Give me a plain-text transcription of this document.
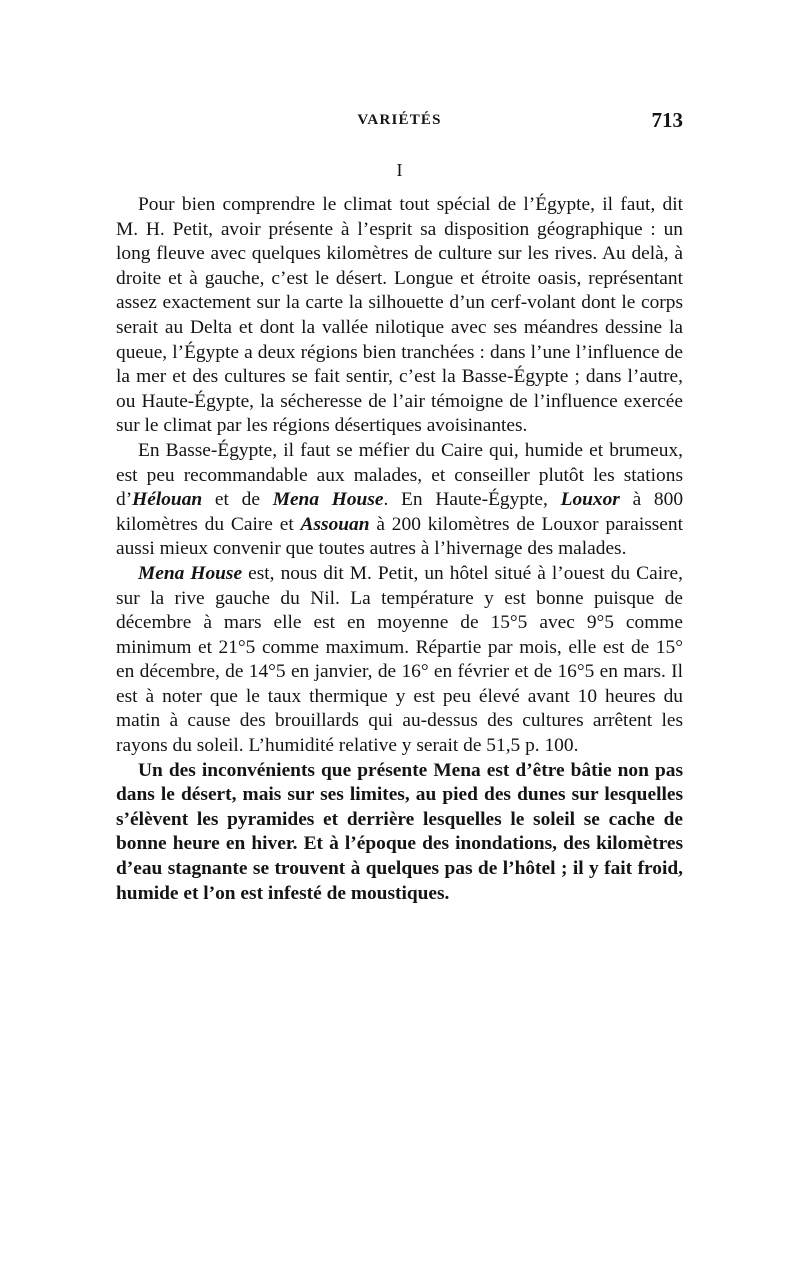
VARIÉTÉS	713
I

Pour bien comprendre le climat tout spécial de l’Égypte, il faut, dit M. H. Petit, avoir présente à l’esprit sa disposition géographique : un long fleuve avec quelques kilomètres de culture sur les rives. Au delà, à droite et à gauche, c’est le désert. Longue et étroite oasis, représentant assez exactement sur la carte la silhouette d’un cerf-volant dont le corps serait au Delta et dont la vallée nilotique avec ses méandres dessine la queue, l’Égypte a deux régions bien tranchées : dans l’une l’influence de la mer et des cultures se fait sentir, c’est la Basse-Égypte ; dans l’autre, ou Haute-Égypte, la sécheresse de l’air témoigne de l’influence exercée sur le climat par les régions désertiques avoisinantes.

En Basse-Égypte, il faut se méfier du Caire qui, humide et brumeux, est peu recommandable aux malades, et conseiller plutôt les stations d’Hélouan et de Mena House. En Haute-Égypte, Louxor à 800 kilomètres du Caire et Assouan à 200 kilomètres de Louxor paraissent aussi mieux convenir que toutes autres à l’hivernage des malades.

Mena House est, nous dit M. Petit, un hôtel situé à l’ouest du Caire, sur la rive gauche du Nil. La température y est bonne puisque de décembre à mars elle est en moyenne de 15°5 avec 9°5 comme minimum et 21°5 comme maximum. Répartie par mois, elle est de 15° en décembre, de 14°5 en janvier, de 16° en février et de 16°5 en mars. Il est à noter que le taux thermique y est peu élevé avant 10 heures du matin à cause des brouillards qui au-dessus des cultures arrêtent les rayons du soleil. L’humidité relative y serait de 51,5 p. 100.

Un des inconvénients que présente Mena est d’être bâtie non pas dans le désert, mais sur ses limites, au pied des dunes sur lesquelles s’élèvent les pyramides et derrière lesquelles le soleil se cache de bonne heure en hiver. Et à l’époque des inondations, des kilomètres d’eau stagnante se trouvent à quelques pas de l’hôtel ; il y fait froid, humide et l’on est infesté de moustiques.
